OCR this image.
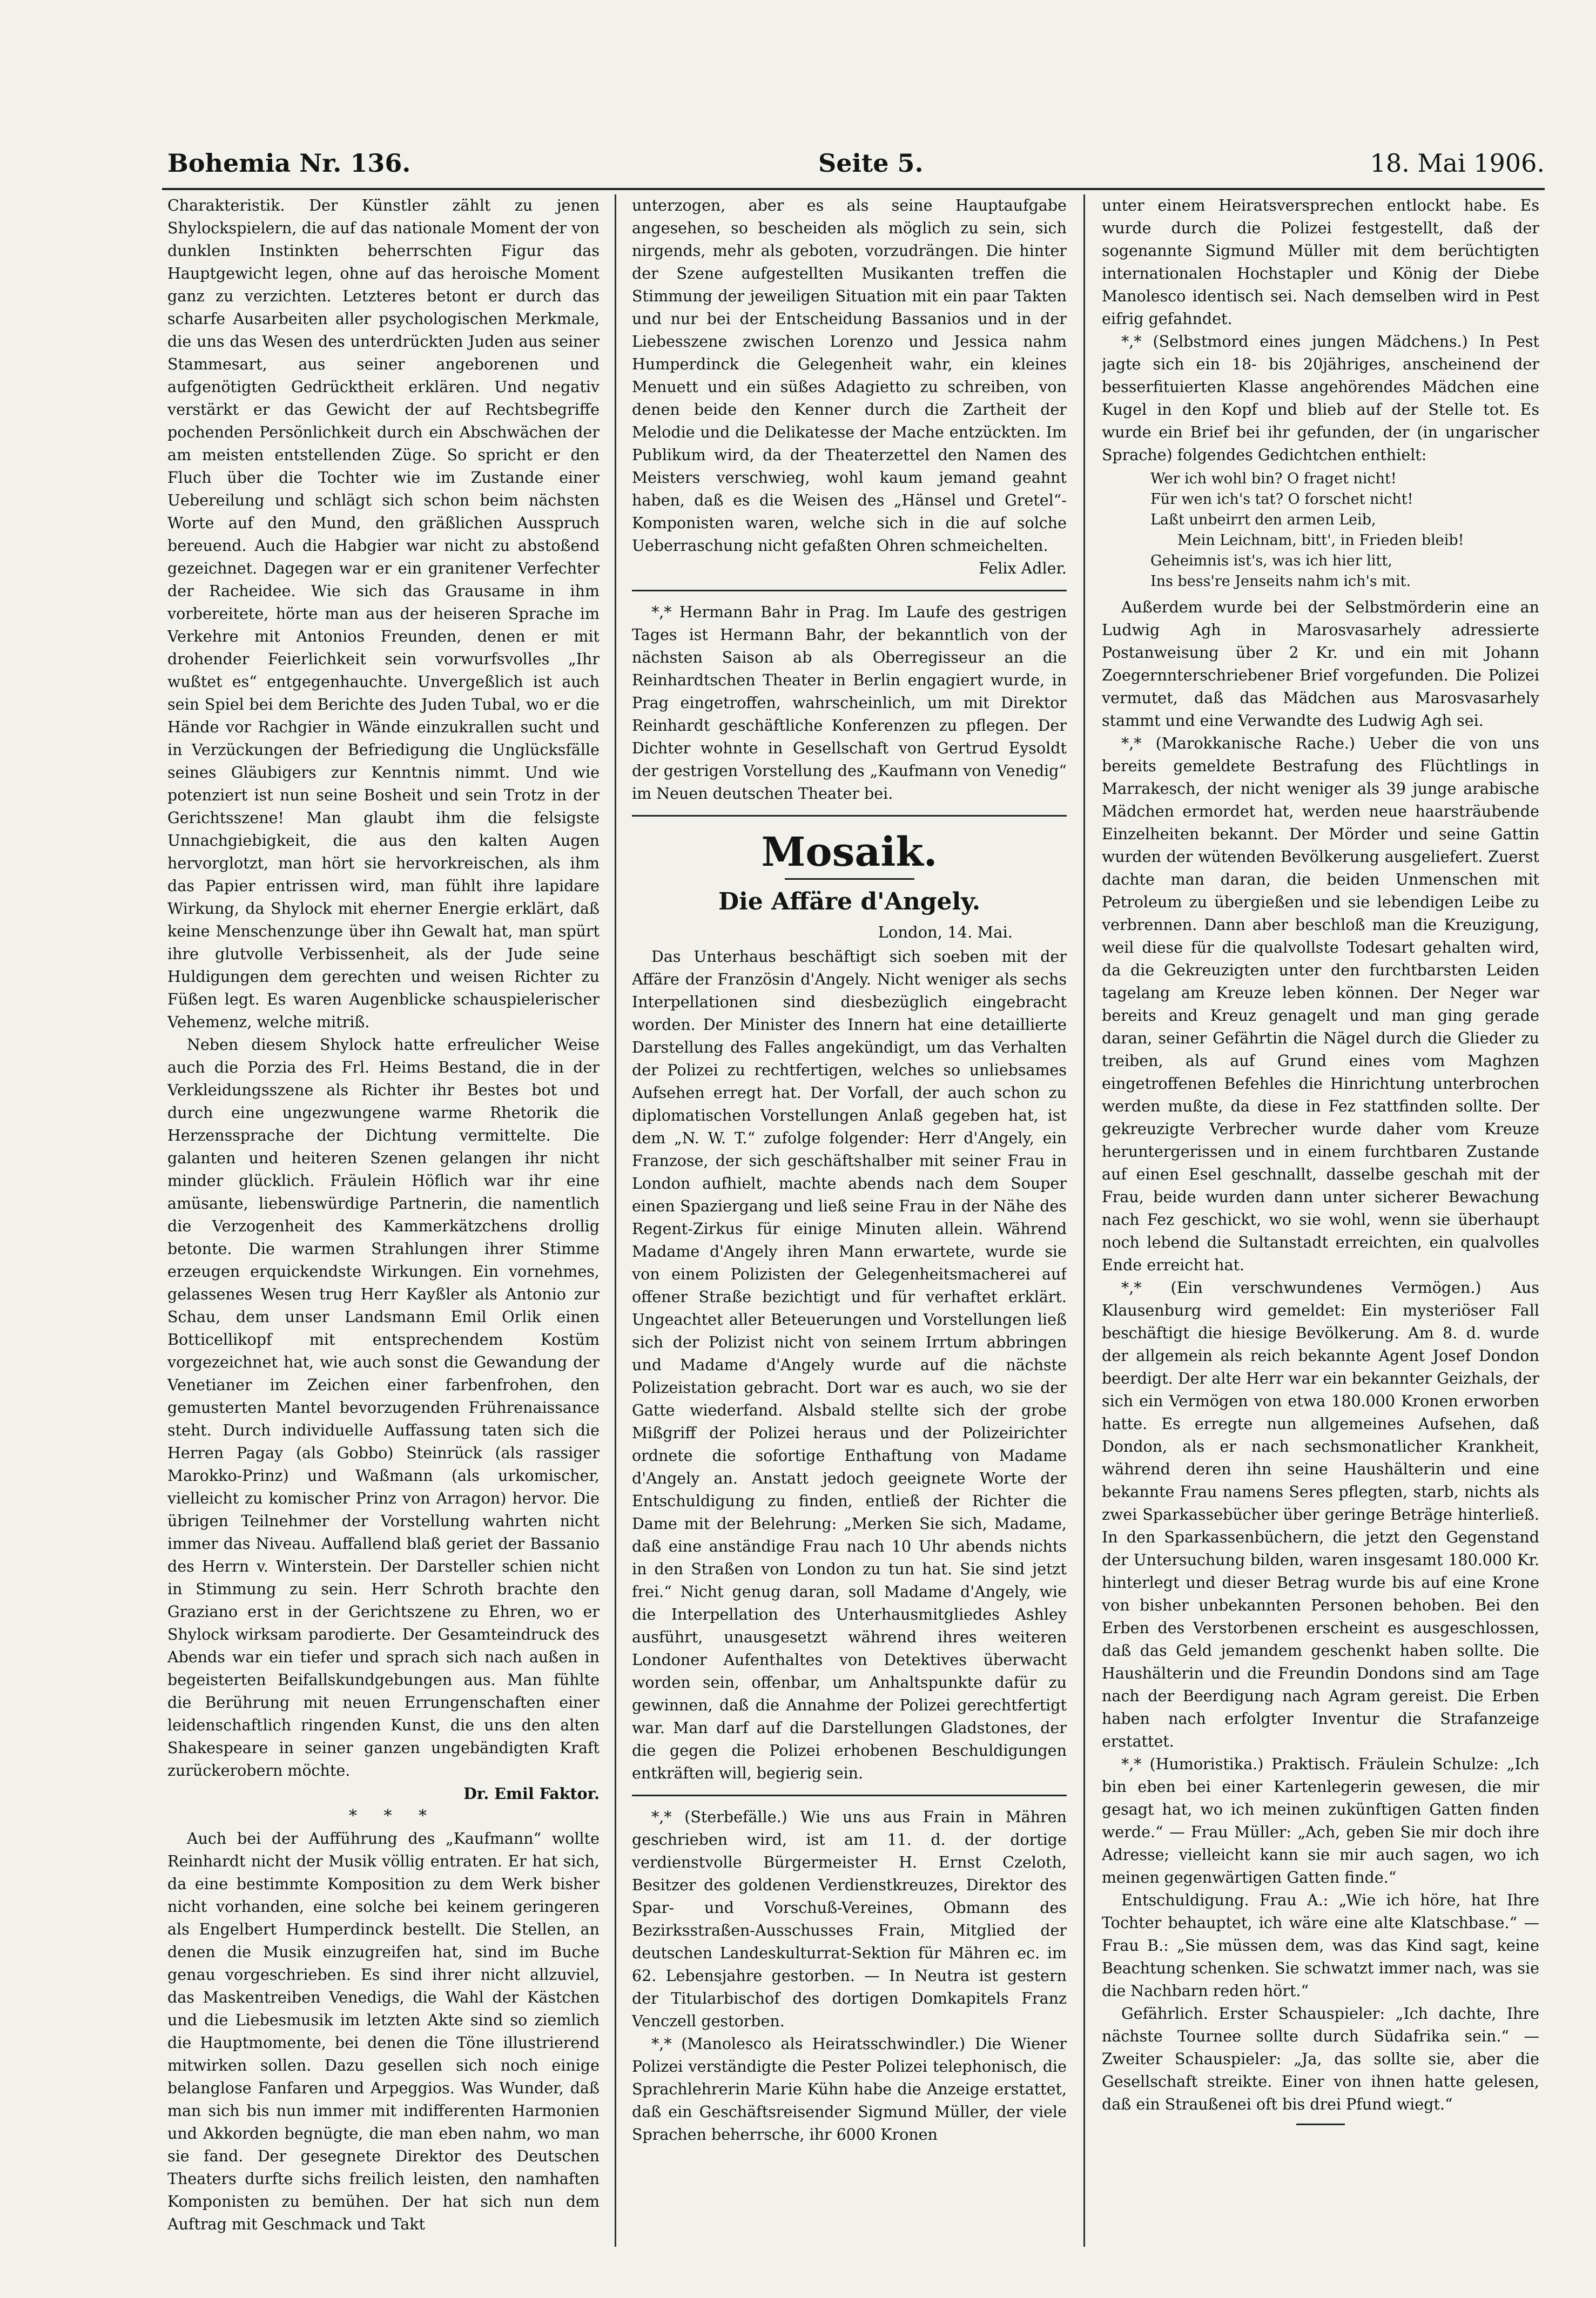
Bohemia Nr. 136.	Seite 5.	18. Mai 1906.

Charakteristik. Der Künstler zählt zu jenen Shylockspielern, die auf das nationale Moment der von dunklen Instinkten beherrschten Figur das Hauptgewicht legen, ohne auf das heroische Moment ganz zu verzichten. Letzteres betont er durch das scharfe Ausarbeiten aller psychologischen Merkmale, die uns das Wesen des unterdrückten Juden aus seiner Stammesart, aus seiner angeborenen und aufgenötigten Gedrücktheit erklären. Und negativ verstärkt er das Gewicht der auf Rechtsbegriffe pochenden Persönlichkeit durch ein Abschwächen der am meisten entstellenden Züge. So spricht er den Fluch über die Tochter wie im Zustande einer Uebereilung und schlägt sich schon beim nächsten Worte auf den Mund, den gräßlichen Ausspruch bereuend. Auch die Habgier war nicht zu abstoßend gezeichnet. Dagegen war er ein granitener Verfechter der Racheidee. Wie sich das Grausame in ihm vorbereitete, hörte man aus der heiseren Sprache im Verkehre mit Antonios Freunden, denen er mit drohender Feierlichkeit sein vorwurfsvolles „Ihr wußtet es“ entgegenhauchte. Unvergeßlich ist auch sein Spiel bei dem Berichte des Juden Tubal, wo er die Hände vor Rachgier in Wände einzukrallen sucht und in Verzückungen der Befriedigung die Unglücksfälle seines Gläubigers zur Kenntnis nimmt. Und wie potenziert ist nun seine Bosheit und sein Trotz in der Gerichtsszene! Man glaubt ihm die felsigste Unnachgiebigkeit, die aus den kalten Augen hervorglotzt, man hört sie hervorkreischen, als ihm das Papier entrissen wird, man fühlt ihre lapidare Wirkung, da Shylock mit eherner Energie erklärt, daß keine Menschenzunge über ihn Gewalt hat, man spürt ihre glutvolle Verbissenheit, als der Jude seine Huldigungen dem gerechten und weisen Richter zu Füßen legt. Es waren Augenblicke schauspielerischer Vehemenz, welche mitriß.

Neben diesem Shylock hatte erfreulicher Weise auch die Porzia des Frl. Heims Bestand, die in der Verkleidungsszene als Richter ihr Bestes bot und durch eine ungezwungene warme Rhetorik die Herzenssprache der Dichtung vermittelte. Die galanten und heiteren Szenen gelangen ihr nicht minder glücklich. Fräulein Höflich war ihr eine amüsante, liebenswürdige Partnerin, die namentlich die Verzogenheit des Kammerkätzchens drollig betonte. Die warmen Strahlungen ihrer Stimme erzeugen erquickendste Wirkungen. Ein vornehmes, gelassenes Wesen trug Herr Kayßler als Antonio zur Schau, dem unser Landsmann Emil Orlik einen Botticellikopf mit entsprechendem Kostüm vorgezeichnet hat, wie auch sonst die Gewandung der Venetianer im Zeichen einer farbenfrohen, den gemusterten Mantel bevorzugenden Frührenaissance steht. Durch individuelle Auffassung taten sich die Herren Pagay (als Gobbo) Steinrück (als rassiger Marokko-Prinz) und Waßmann (als urkomischer, vielleicht zu komischer Prinz von Arragon) hervor. Die übrigen Teilnehmer der Vorstellung wahrten nicht immer das Niveau. Auffallend blaß geriet der Bassanio des Herrn v. Winterstein. Der Darsteller schien nicht in Stimmung zu sein. Herr Schroth brachte den Graziano erst in der Gerichtszene zu Ehren, wo er Shylock wirksam parodierte. Der Gesamteindruck des Abends war ein tiefer und sprach sich nach außen in begeisterten Beifallskundgebungen aus. Man fühlte die Berührung mit neuen Errungenschaften einer leidenschaftlich ringenden Kunst, die uns den alten Shakespeare in seiner ganzen ungebändigten Kraft zurückerobern möchte.

Dr. Emil Faktor.

* * *

Auch bei der Aufführung des „Kaufmann“ wollte Reinhardt nicht der Musik völlig entraten. Er hat sich, da eine bestimmte Komposition zu dem Werk bisher nicht vorhanden, eine solche bei keinem geringeren als Engelbert Humperdinck bestellt. Die Stellen, an denen die Musik einzugreifen hat, sind im Buche genau vorgeschrieben. Es sind ihrer nicht allzuviel, das Maskentreiben Venedigs, die Wahl der Kästchen und die Liebesmusik im letzten Akte sind so ziemlich die Hauptmomente, bei denen die Töne illustrierend mitwirken sollen. Dazu gesellen sich noch einige belanglose Fanfaren und Arpeggios. Was Wunder, daß man sich bis nun immer mit indifferenten Harmonien und Akkorden begnügte, die man eben nahm, wo man sie fand. Der gesegnete Direktor des Deutschen Theaters durfte sichs freilich leisten, den namhaften Komponisten zu bemühen. Der hat sich nun dem Auftrag mit Geschmack und Takt

unterzogen, aber es als seine Hauptaufgabe angesehen, so bescheiden als möglich zu sein, sich nirgends, mehr als geboten, vorzudrängen. Die hinter der Szene aufgestellten Musikanten treffen die Stimmung der jeweiligen Situation mit ein paar Takten und nur bei der Entscheidung Bassanios und in der Liebesszene zwischen Lorenzo und Jessica nahm Humperdinck die Gelegenheit wahr, ein kleines Menuett und ein süßes Adagietto zu schreiben, von denen beide den Kenner durch die Zartheit der Melodie und die Delikatesse der Mache entzückten. Im Publikum wird, da der Theaterzettel den Namen des Meisters verschwieg, wohl kaum jemand geahnt haben, daß es die Weisen des „Hänsel und Gretel“-Komponisten waren, welche sich in die auf solche Ueberraschung nicht gefaßten Ohren schmeichelten.

Felix Adler.

*,* Hermann Bahr in Prag. Im Laufe des gestrigen Tages ist Hermann Bahr, der bekanntlich von der nächsten Saison ab als Oberregisseur an die Reinhardtschen Theater in Berlin engagiert wurde, in Prag eingetroffen, wahrscheinlich, um mit Direktor Reinhardt geschäftliche Konferenzen zu pflegen. Der Dichter wohnte in Gesellschaft von Gertrud Eysoldt der gestrigen Vorstellung des „Kaufmann von Venedig“ im Neuen deutschen Theater bei.

Mosaik.
Die Affäre d'Angely.
London, 14. Mai.

Das Unterhaus beschäftigt sich soeben mit der Affäre der Französin d'Angely. Nicht weniger als sechs Interpellationen sind diesbezüglich eingebracht worden. Der Minister des Innern hat eine detaillierte Darstellung des Falles angekündigt, um das Verhalten der Polizei zu rechtfertigen, welches so unliebsames Aufsehen erregt hat. Der Vorfall, der auch schon zu diplomatischen Vorstellungen Anlaß gegeben hat, ist dem „N. W. T.“ zufolge folgender: Herr d'Angely, ein Franzose, der sich geschäftshalber mit seiner Frau in London aufhielt, machte abends nach dem Souper einen Spaziergang und ließ seine Frau in der Nähe des Regent-Zirkus für einige Minuten allein. Während Madame d'Angely ihren Mann erwartete, wurde sie von einem Polizisten der Gelegenheitsmacherei auf offener Straße bezichtigt und für verhaftet erklärt. Ungeachtet aller Beteuerungen und Vorstellungen ließ sich der Polizist nicht von seinem Irrtum abbringen und Madame d'Angely wurde auf die nächste Polizeistation gebracht. Dort war es auch, wo sie der Gatte wiederfand. Alsbald stellte sich der grobe Mißgriff der Polizei heraus und der Polizeirichter ordnete die sofortige Enthaftung von Madame d'Angely an. Anstatt jedoch geeignete Worte der Entschuldigung zu finden, entließ der Richter die Dame mit der Belehrung: „Merken Sie sich, Madame, daß eine anständige Frau nach 10 Uhr abends nichts in den Straßen von London zu tun hat. Sie sind jetzt frei.“ Nicht genug daran, soll Madame d'Angely, wie die Interpellation des Unterhausmitgliedes Ashley ausführt, unausgesetzt während ihres weiteren Londoner Aufenthaltes von Detektives überwacht worden sein, offenbar, um Anhaltspunkte dafür zu gewinnen, daß die Annahme der Polizei gerechtfertigt war. Man darf auf die Darstellungen Gladstones, der die gegen die Polizei erhobenen Beschuldigungen entkräften will, begierig sein.

*,* (Sterbefälle.) Wie uns aus Frain in Mähren geschrieben wird, ist am 11. d. der dortige verdienstvolle Bürgermeister H. Ernst Czeloth, Besitzer des goldenen Verdienstkreuzes, Direktor des Spar- und Vorschuß-Vereines, Obmann des Bezirksstraßen-Ausschusses Frain, Mitglied der deutschen Landeskulturrat-Sektion für Mähren ec. im 62. Lebensjahre gestorben. — In Neutra ist gestern der Titularbischof des dortigen Domkapitels Franz Venczell gestorben.

*,* (Manolesco als Heiratsschwindler.) Die Wiener Polizei verständigte die Pester Polizei telephonisch, die Sprachlehrerin Marie Kühn habe die Anzeige erstattet, daß ein Geschäftsreisender Sigmund Müller, der viele Sprachen beherrsche, ihr 6000 Kronen

unter einem Heiratsversprechen entlockt habe. Es wurde durch die Polizei festgestellt, daß der sogenannte Sigmund Müller mit dem berüchtigten internationalen Hochstapler und König der Diebe Manolesco identisch sei. Nach demselben wird in Pest eifrig gefahndet.

*,* (Selbstmord eines jungen Mädchens.) In Pest jagte sich ein 18- bis 20jähriges, anscheinend der besserfituierten Klasse angehörendes Mädchen eine Kugel in den Kopf und blieb auf der Stelle tot. Es wurde ein Brief bei ihr gefunden, der (in ungarischer Sprache) folgendes Gedichtchen enthielt:

Wer ich wohl bin? O fraget nicht!
Für wen ich's tat? O forschet nicht!
Laßt unbeirrt den armen Leib,
Mein Leichnam, bitt', in Frieden bleib!
Geheimnis ist's, was ich hier litt,
Ins bess're Jenseits nahm ich's mit.

Außerdem wurde bei der Selbstmörderin eine an Ludwig Agh in Marosvasarhely adressierte Postanweisung über 2 Kr. und ein mit Johann Zoegernnterschriebener Brief vorgefunden. Die Polizei vermutet, daß das Mädchen aus Marosvasarhely stammt und eine Verwandte des Ludwig Agh sei.

*,* (Marokkanische Rache.) Ueber die von uns bereits gemeldete Bestrafung des Flüchtlings in Marrakesch, der nicht weniger als 39 junge arabische Mädchen ermordet hat, werden neue haarsträubende Einzelheiten bekannt. Der Mörder und seine Gattin wurden der wütenden Bevölkerung ausgeliefert. Zuerst dachte man daran, die beiden Unmenschen mit Petroleum zu übergießen und sie lebendigen Leibe zu verbrennen. Dann aber beschloß man die Kreuzigung, weil diese für die qualvollste Todesart gehalten wird, da die Gekreuzigten unter den furchtbarsten Leiden tagelang am Kreuze leben können. Der Neger war bereits and Kreuz genagelt und man ging gerade daran, seiner Gefährtin die Nägel durch die Glieder zu treiben, als auf Grund eines vom Maghzen eingetroffenen Befehles die Hinrichtung unterbrochen werden mußte, da diese in Fez stattfinden sollte. Der gekreuzigte Verbrecher wurde daher vom Kreuze heruntergerissen und in einem furchtbaren Zustande auf einen Esel geschnallt, dasselbe geschah mit der Frau, beide wurden dann unter sicherer Bewachung nach Fez geschickt, wo sie wohl, wenn sie überhaupt noch lebend die Sultanstadt erreichten, ein qualvolles Ende erreicht hat.

*,* (Ein verschwundenes Vermögen.) Aus Klausenburg wird gemeldet: Ein mysteriöser Fall beschäftigt die hiesige Bevölkerung. Am 8. d. wurde der allgemein als reich bekannte Agent Josef Dondon beerdigt. Der alte Herr war ein bekannter Geizhals, der sich ein Vermögen von etwa 180.000 Kronen erworben hatte. Es erregte nun allgemeines Aufsehen, daß Dondon, als er nach sechsmonatlicher Krankheit, während deren ihn seine Haushälterin und eine bekannte Frau namens Seres pflegten, starb, nichts als zwei Sparkassebücher über geringe Beträge hinterließ. In den Sparkassenbüchern, die jetzt den Gegenstand der Untersuchung bilden, waren insgesamt 180.000 Kr. hinterlegt und dieser Betrag wurde bis auf eine Krone von bisher unbekannten Personen behoben. Bei den Erben des Verstorbenen erscheint es ausgeschlossen, daß das Geld jemandem geschenkt haben sollte. Die Haushälterin und die Freundin Dondons sind am Tage nach der Beerdigung nach Agram gereist. Die Erben haben nach erfolgter Inventur die Strafanzeige erstattet.

*,* (Humoristika.) Praktisch. Fräulein Schulze: „Ich bin eben bei einer Kartenlegerin gewesen, die mir gesagt hat, wo ich meinen zukünftigen Gatten finden werde.“ — Frau Müller: „Ach, geben Sie mir doch ihre Adresse; vielleicht kann sie mir auch sagen, wo ich meinen gegenwärtigen Gatten finde.“

Entschuldigung. Frau A.: „Wie ich höre, hat Ihre Tochter behauptet, ich wäre eine alte Klatschbase.“ — Frau B.: „Sie müssen dem, was das Kind sagt, keine Beachtung schenken. Sie schwatzt immer nach, was sie die Nachbarn reden hört.“

Gefährlich. Erster Schauspieler: „Ich dachte, Ihre nächste Tournee sollte durch Südafrika sein.“ — Zweiter Schauspieler: „Ja, das sollte sie, aber die Gesellschaft streikte. Einer von ihnen hatte gelesen, daß ein Straußenei oft bis drei Pfund wiegt.“
